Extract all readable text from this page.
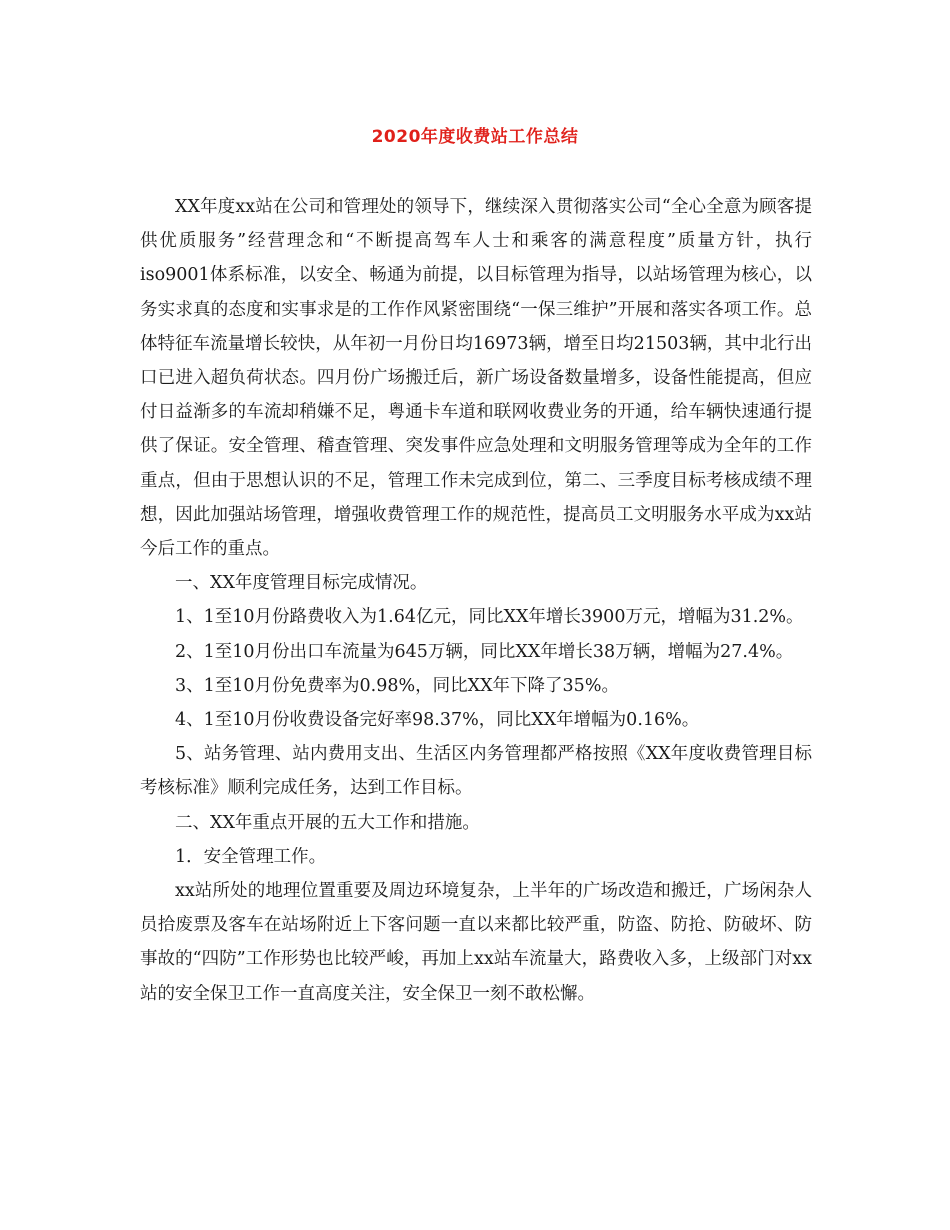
2020年度收费站工作总结

XX年度xx站在公司和管理处的领导下，继续深入贯彻落实公司“全心全意为顾客提供优质服务”经营理念和“不断提高驾车人士和乘客的满意程度”质量方针，执行iso9001体系标准，以安全、畅通为前提，以目标管理为指导，以站场管理为核心，以务实求真的态度和实事求是的工作作风紧密围绕“一保三维护”开展和落实各项工作。总体特征车流量增长较快，从年初一月份日均16973辆，增至日均21503辆，其中北行出口已进入超负荷状态。四月份广场搬迁后，新广场设备数量增多，设备性能提高，但应付日益渐多的车流却稍嫌不足，粤通卡车道和联网收费业务的开通，给车辆快速通行提供了保证。安全管理、稽查管理、突发事件应急处理和文明服务管理等成为全年的工作重点，但由于思想认识的不足，管理工作未完成到位，第二、三季度目标考核成绩不理想，因此加强站场管理，增强收费管理工作的规范性，提高员工文明服务水平成为xx站今后工作的重点。

一、XX年度管理目标完成情况。

1、1至10月份路费收入为1.64亿元，同比XX年增长3900万元，增幅为31.2%。

2、1至10月份出口车流量为645万辆，同比XX年增长38万辆，增幅为27.4%。

3、1至10月份免费率为0.98%，同比XX年下降了35%。

4、1至10月份收费设备完好率98.37%，同比XX年增幅为0.16%。

5、站务管理、站内费用支出、生活区内务管理都严格按照《XX年度收费管理目标考核标准》顺利完成任务，达到工作目标。

二、XX年重点开展的五大工作和措施。

1．安全管理工作。

xx站所处的地理位置重要及周边环境复杂，上半年的广场改造和搬迁，广场闲杂人员拾废票及客车在站场附近上下客问题一直以来都比较严重，防盗、防抢、防破坏、防事故的“四防”工作形势也比较严峻，再加上xx站车流量大，路费收入多，上级部门对xx站的安全保卫工作一直高度关注，安全保卫一刻不敢松懈。
